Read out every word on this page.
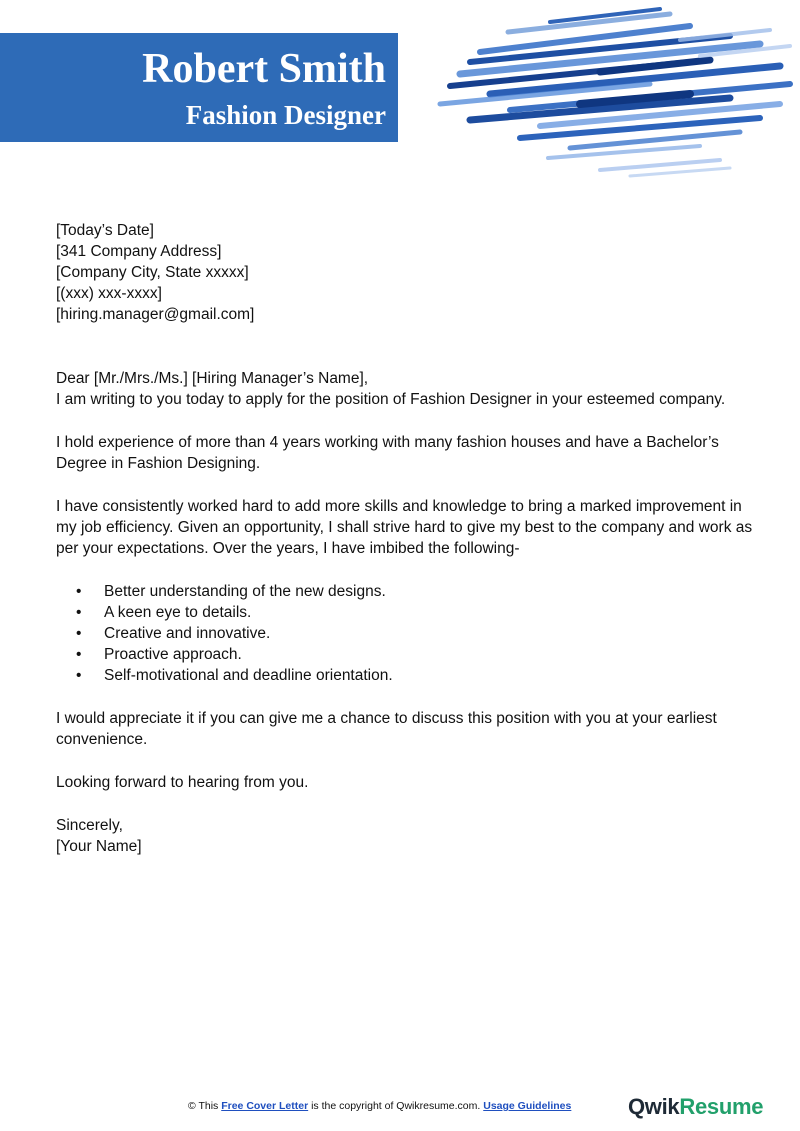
Robert Smith
Fashion Designer

[Today’s Date]

[341 Company Address]

[Company City, State xxxxx]

[(xxx) xxx-xxxx]

[hiring.manager@gmail.com]

Dear [Mr./Mrs./Ms.] [Hiring Manager’s Name],

I am writing to you today to apply for the position of Fashion Designer in your esteemed company.

I hold experience of more than 4 years working with many fashion houses and have a Bachelor’s Degree in Fashion Designing.

I have consistently worked hard to add more skills and knowledge to bring a marked improvement in my job efficiency. Given an opportunity, I shall strive hard to give my best to the company and work as per your expectations. Over the years, I have imbibed the following-

• Better understanding of the new designs.
• A keen eye to details.
• Creative and innovative.
• Proactive approach.
• Self-motivational and deadline orientation.

I would appreciate it if you can give me a chance to discuss this position with you at your earliest convenience.

Looking forward to hearing from you.

Sincerely,

[Your Name]

© This Free Cover Letter is the copyright of Qwikresume.com. Usage Guidelines	QwikResume
